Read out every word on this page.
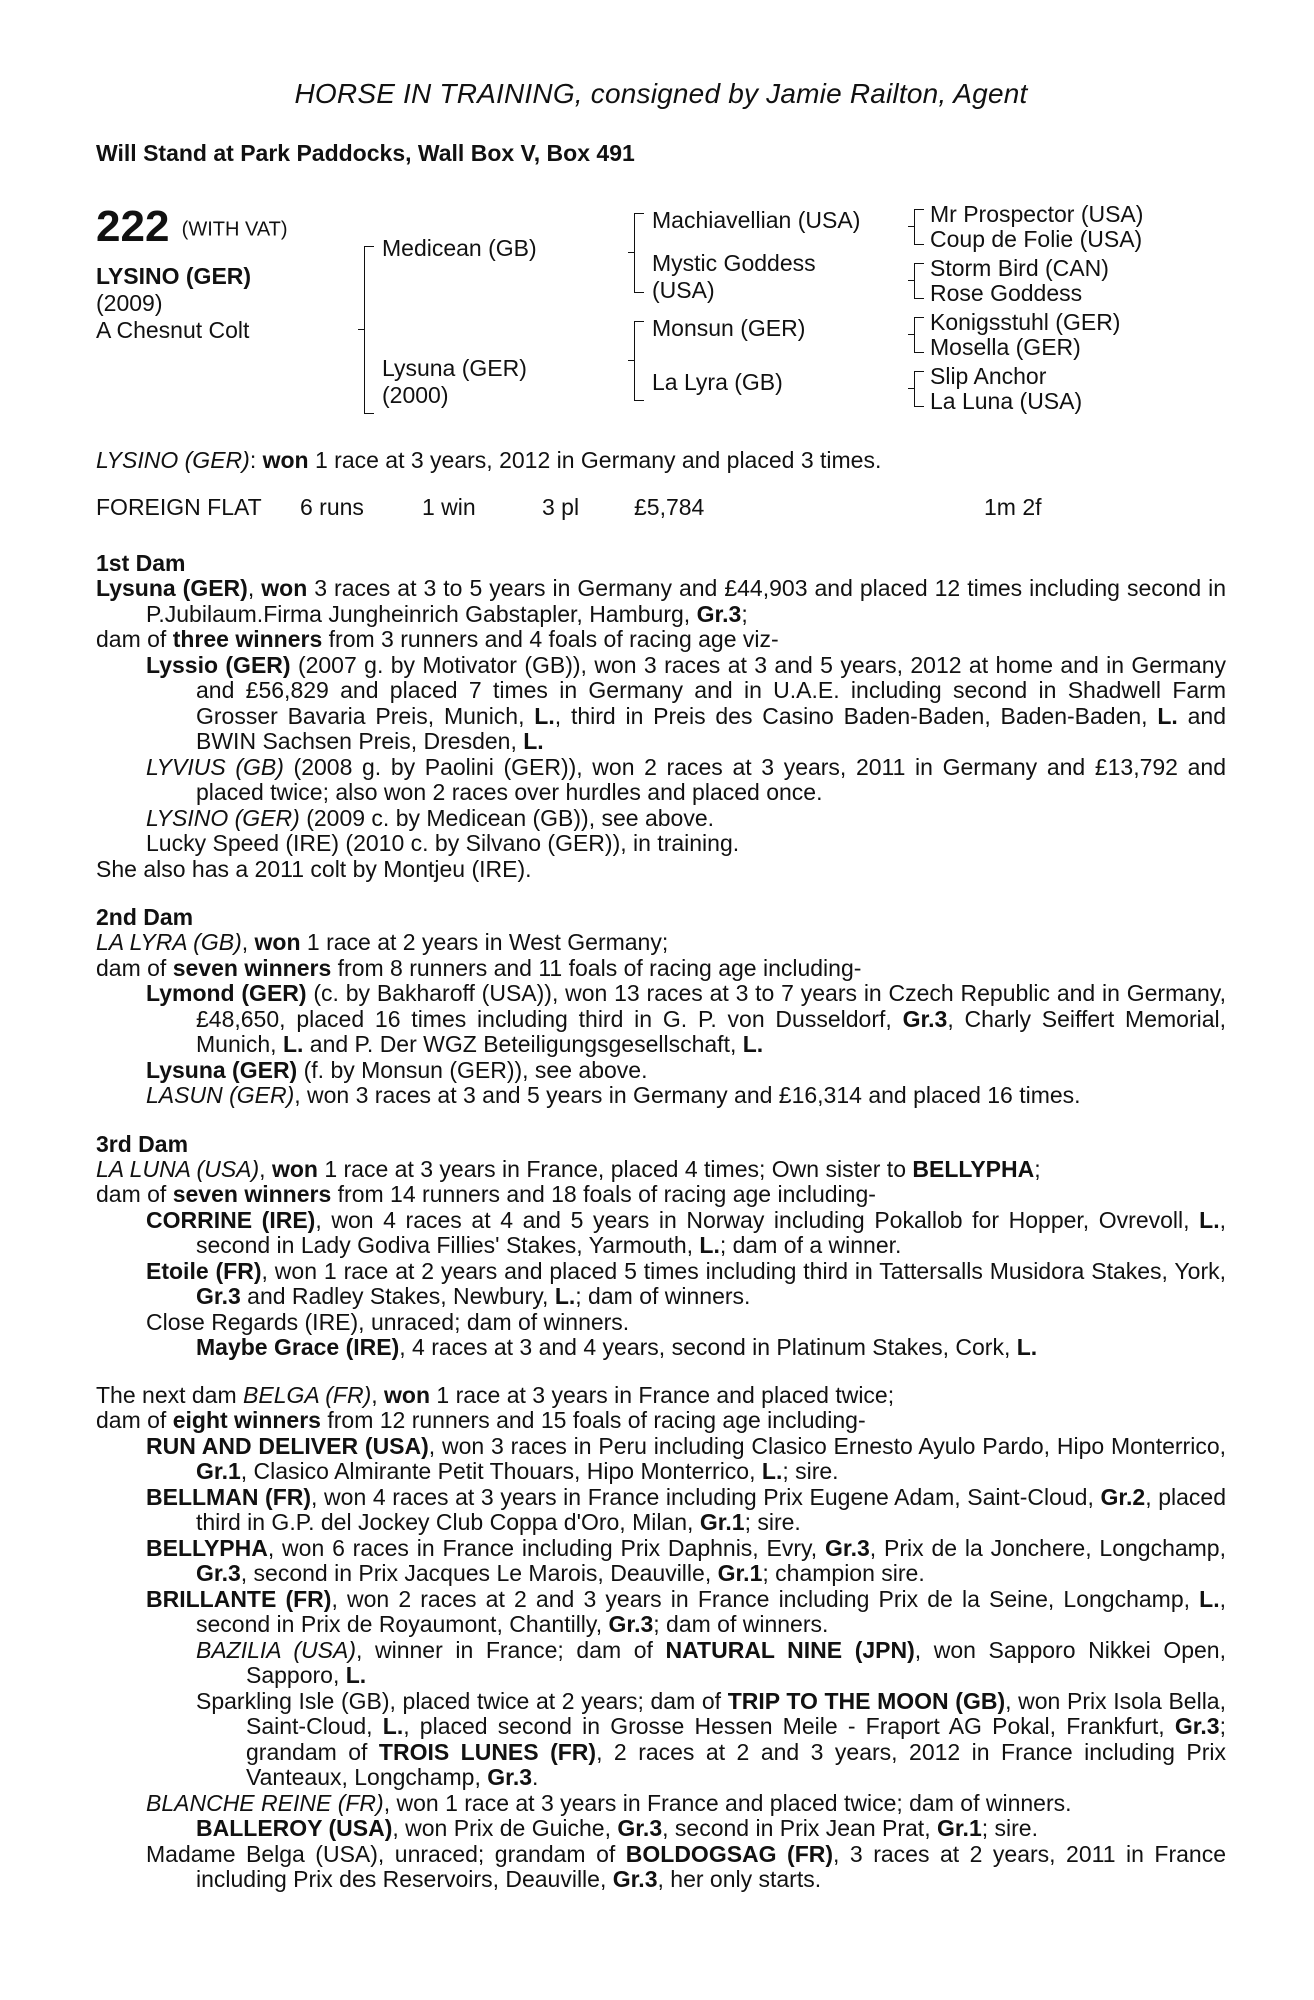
HORSE IN TRAINING, consigned by Jamie Railton, Agent
Will Stand at Park Paddocks, Wall Box V, Box 491
222 (WITH VAT)
LYSINO (GER)
(2009)
A Chesnut Colt
Medicean (GB)
Lysuna (GER)
(2000)
Machiavellian (USA)
Mystic Goddess
(USA)
Monsun (GER)
La Lyra (GB)
Mr Prospector (USA)
Coup de Folie (USA)
Storm Bird (CAN)
Rose Goddess
Konigsstuhl (GER)
Mosella (GER)
Slip Anchor
La Luna (USA)
LYSINO (GER): won 1 race at 3 years, 2012 in Germany and placed 3 times.
FOREIGN FLAT 6 runs	1 win	3 pl £5,784	1m 2f
1st Dam

Lysuna (GER), won 3 races at 3 to 5 years in Germany and £44,903 and placed 12 times including second in P.Jubilaum.Firma Jungheinrich Gabstapler, Hamburg, Gr.3;

dam of three winners from 3 runners and 4 foals of racing age viz-

Lyssio (GER) (2007 g. by Motivator (GB)), won 3 races at 3 and 5 years, 2012 at home and in Germany and £56,829 and placed 7 times in Germany and in U.A.E. including second in Shadwell Farm Grosser Bavaria Preis, Munich, L., third in Preis des Casino Baden-Baden, Baden-Baden, L. and BWIN Sachsen Preis, Dresden, L.

LYVIUS (GB) (2008 g. by Paolini (GER)), won 2 races at 3 years, 2011 in Germany and £13,792 and placed twice; also won 2 races over hurdles and placed once.

LYSINO (GER) (2009 c. by Medicean (GB)), see above.

Lucky Speed (IRE) (2010 c. by Silvano (GER)), in training.

She also has a 2011 colt by Montjeu (IRE).

2nd Dam

LA LYRA (GB), won 1 race at 2 years in West Germany;

dam of seven winners from 8 runners and 11 foals of racing age including-

Lymond (GER) (c. by Bakharoff (USA)), won 13 races at 3 to 7 years in Czech Republic and in Germany, £48,650, placed 16 times including third in G. P. von Dusseldorf, Gr.3, Charly Seiffert Memorial, Munich, L. and P. Der WGZ Beteiligungsgesellschaft, L.

Lysuna (GER) (f. by Monsun (GER)), see above.

LASUN (GER), won 3 races at 3 and 5 years in Germany and £16,314 and placed 16 times.

3rd Dam

LA LUNA (USA), won 1 race at 3 years in France, placed 4 times; Own sister to BELLYPHA;

dam of seven winners from 14 runners and 18 foals of racing age including-

CORRINE (IRE), won 4 races at 4 and 5 years in Norway including Pokallob for Hopper, Ovrevoll, L., second in Lady Godiva Fillies' Stakes, Yarmouth, L.; dam of a winner.

Etoile (FR), won 1 race at 2 years and placed 5 times including third in Tattersalls Musidora Stakes, York, Gr.3 and Radley Stakes, Newbury, L.; dam of winners.

Close Regards (IRE), unraced; dam of winners.

Maybe Grace (IRE), 4 races at 3 and 4 years, second in Platinum Stakes, Cork, L.

The next dam BELGA (FR), won 1 race at 3 years in France and placed twice;

dam of eight winners from 12 runners and 15 foals of racing age including-

RUN AND DELIVER (USA), won 3 races in Peru including Clasico Ernesto Ayulo Pardo, Hipo Monterrico, Gr.1, Clasico Almirante Petit Thouars, Hipo Monterrico, L.; sire.

BELLMAN (FR), won 4 races at 3 years in France including Prix Eugene Adam, Saint-Cloud, Gr.2, placed third in G.P. del Jockey Club Coppa d'Oro, Milan, Gr.1; sire.

BELLYPHA, won 6 races in France including Prix Daphnis, Evry, Gr.3, Prix de la Jonchere, Longchamp, Gr.3, second in Prix Jacques Le Marois, Deauville, Gr.1; champion sire.

BRILLANTE (FR), won 2 races at 2 and 3 years in France including Prix de la Seine, Longchamp, L., second in Prix de Royaumont, Chantilly, Gr.3; dam of winners.

BAZILIA (USA), winner in France; dam of NATURAL NINE (JPN), won Sapporo Nikkei Open, Sapporo, L.

Sparkling Isle (GB), placed twice at 2 years; dam of TRIP TO THE MOON (GB), won Prix Isola Bella, Saint-Cloud, L., placed second in Grosse Hessen Meile - Fraport AG Pokal, Frankfurt, Gr.3; grandam of TROIS LUNES (FR), 2 races at 2 and 3 years, 2012 in France including Prix Vanteaux, Longchamp, Gr.3.

BLANCHE REINE (FR), won 1 race at 3 years in France and placed twice; dam of winners.

BALLEROY (USA), won Prix de Guiche, Gr.3, second in Prix Jean Prat, Gr.1; sire.

Madame Belga (USA), unraced; grandam of BOLDOGSAG (FR), 3 races at 2 years, 2011 in France including Prix des Reservoirs, Deauville, Gr.3, her only starts.
